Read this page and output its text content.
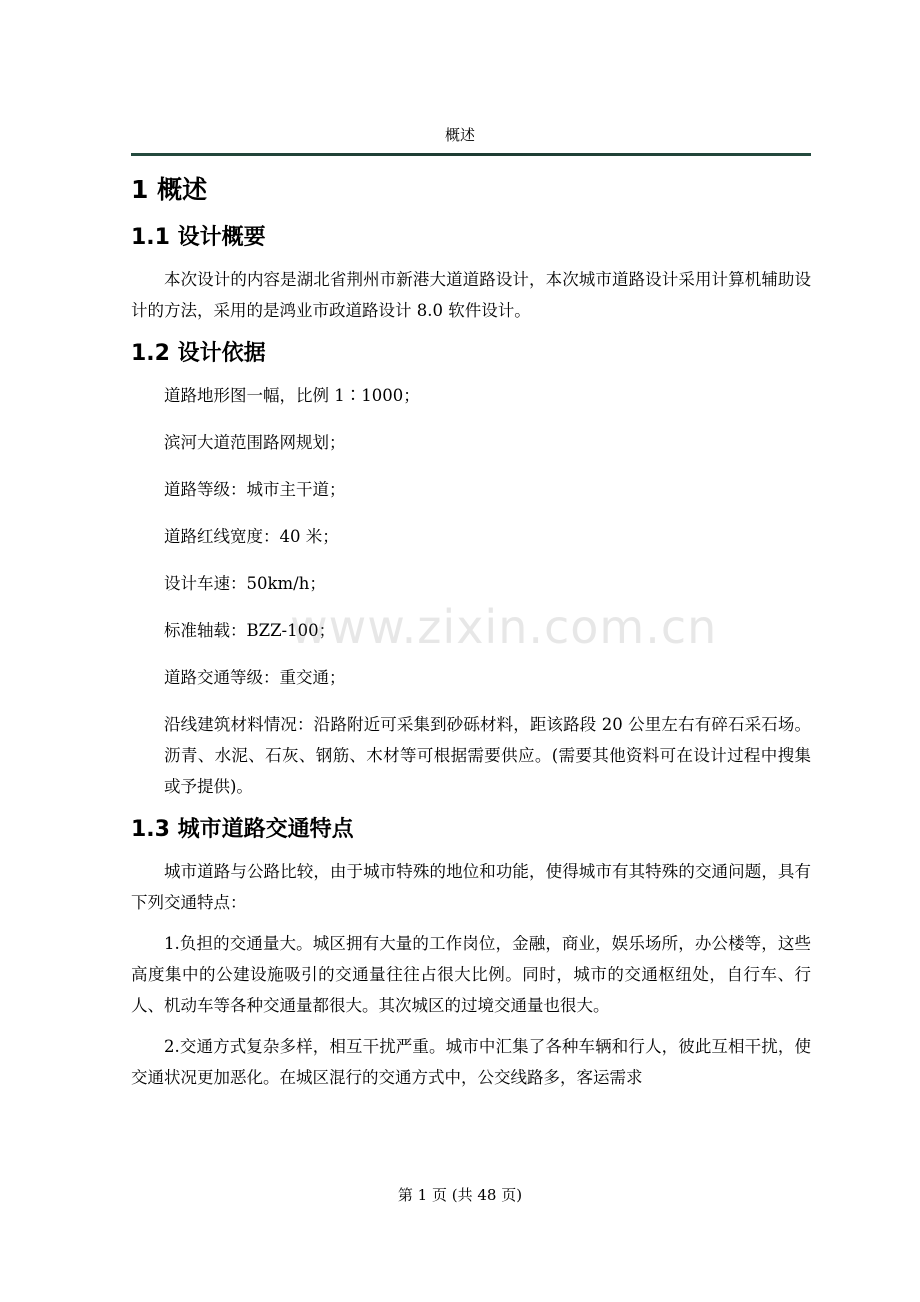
概述
1 概述
1.1 设计概要

本次设计的内容是湖北省荆州市新港大道道路设计，本次城市道路设计采用计算机辅助设计的方法，采用的是鸿业市政道路设计 8.0 软件设计。

1.2 设计依据

道路地形图一幅，比例 1∶1000；

滨河大道范围路网规划；

道路等级：城市主干道；

道路红线宽度：40 米；

设计车速：50km/h；

标准轴载：BZZ-100；

道路交通等级：重交通；

沿线建筑材料情况：沿路附近可采集到砂砾材料，距该路段 20 公里左右有碎石采石场。沥青、水泥、石灰、钢筋、木材等可根据需要供应。(需要其他资料可在设计过程中搜集或予提供)。

1.3 城市道路交通特点

城市道路与公路比较，由于城市特殊的地位和功能，使得城市有其特殊的交通问题，具有下列交通特点：

1.负担的交通量大。城区拥有大量的工作岗位，金融，商业，娱乐场所，办公楼等，这些高度集中的公建设施吸引的交通量往往占很大比例。同时，城市的交通枢纽处，自行车、行人、机动车等各种交通量都很大。其次城区的过境交通量也很大。

2.交通方式复杂多样，相互干扰严重。城市中汇集了各种车辆和行人，彼此互相干扰，使交通状况更加恶化。在城区混行的交通方式中，公交线路多，客运需求

www.zixin.com.cn
第 1 页 (共 48 页)
